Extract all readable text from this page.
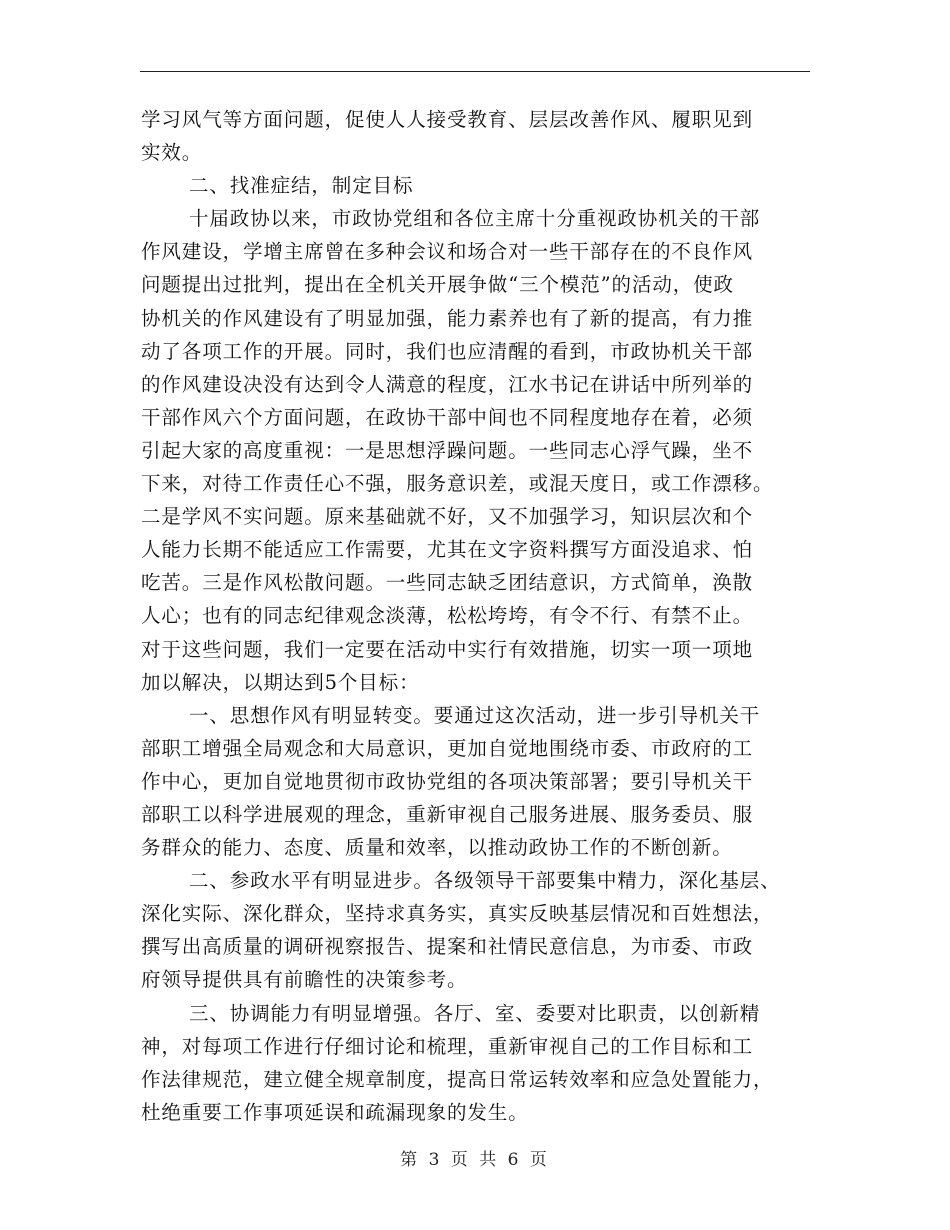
学习风气等方面问题，促使人人接受教育、层层改善作风、履职见到
实效。
二、找准症结，制定目标
十届政协以来，市政协党组和各位主席十分重视政协机关的干部
作风建设，学增主席曾在多种会议和场合对一些干部存在的不良作风
问题提出过批判，提出在全机关开展争做“三个模范”的活动，使政
协机关的作风建设有了明显加强，能力素养也有了新的提高，有力推
动了各项工作的开展。同时，我们也应清醒的看到，市政协机关干部
的作风建设决没有达到令人满意的程度，江水书记在讲话中所列举的
干部作风六个方面问题，在政协干部中间也不同程度地存在着，必须
引起大家的高度重视：一是思想浮躁问题。一些同志心浮气躁，坐不
下来，对待工作责任心不强，服务意识差，或混天度日，或工作漂移。
二是学风不实问题。原来基础就不好，又不加强学习，知识层次和个
人能力长期不能适应工作需要，尤其在文字资料撰写方面没追求、怕
吃苦。三是作风松散问题。一些同志缺乏团结意识，方式简单，涣散
人心；也有的同志纪律观念淡薄，松松垮垮，有令不行、有禁不止。
对于这些问题，我们一定要在活动中实行有效措施，切实一项一项地
加以解决，以期达到5个目标：
一、思想作风有明显转变。要通过这次活动，进一步引导机关干
部职工增强全局观念和大局意识，更加自觉地围绕市委、市政府的工
作中心，更加自觉地贯彻市政协党组的各项决策部署；要引导机关干
部职工以科学进展观的理念，重新审视自己服务进展、服务委员、服
务群众的能力、态度、质量和效率，以推动政协工作的不断创新。
二、参政水平有明显进步。各级领导干部要集中精力，深化基层、
深化实际、深化群众，坚持求真务实，真实反映基层情况和百姓想法，
撰写出高质量的调研视察报告、提案和社情民意信息，为市委、市政
府领导提供具有前瞻性的决策参考。
三、协调能力有明显增强。各厅、室、委要对比职责，以创新精
神，对每项工作进行仔细讨论和梳理，重新审视自己的工作目标和工
作法律规范，建立健全规章制度，提高日常运转效率和应急处置能力，
杜绝重要工作事项延误和疏漏现象的发生。
第 3 页 共 6 页
